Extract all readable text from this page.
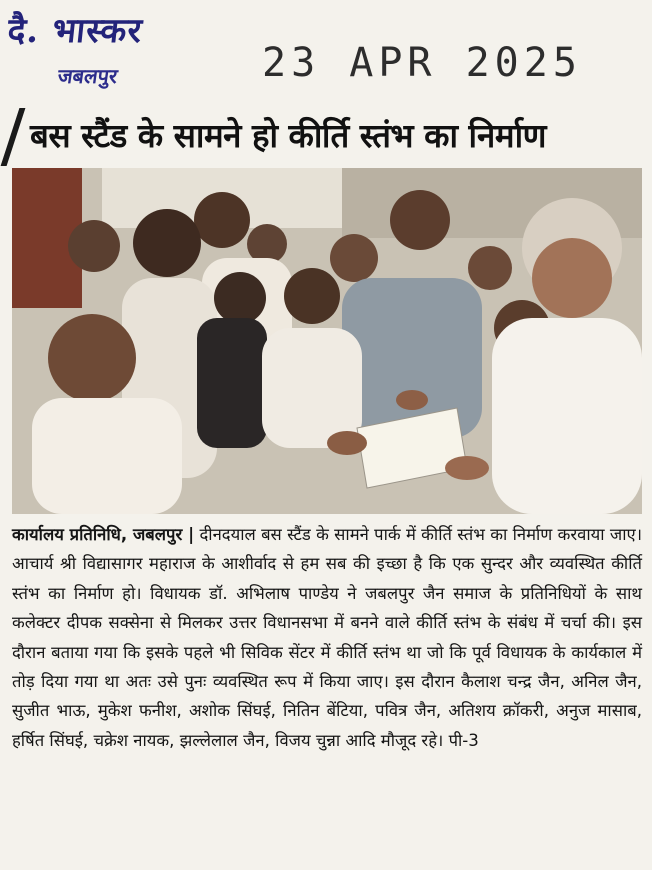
दै. भास्कर
जबलपुर	23 APR 2025
बस स्टैंड के सामने हो कीर्ति स्तंभ का निर्माण
कार्यालय प्रतिनिधि, जबलपुर | दीनदयाल बस स्टैंड के सामने पार्क में कीर्ति स्तंभ का निर्माण करवाया जाए। आचार्य श्री विद्यासागर महाराज के आशीर्वाद से हम सब की इच्छा है कि एक सुन्दर और व्यवस्थित कीर्ति स्तंभ का निर्माण हो। विधायक डॉ. अभिलाष पाण्डेय ने जबलपुर जैन समाज के प्रतिनिधियों के साथ कलेक्टर दीपक सक्सेना से मिलकर उत्तर विधानसभा में बनने वाले कीर्ति स्तंभ के संबंध में चर्चा की। इस दौरान बताया गया कि इसके पहले भी सिविक सेंटर में कीर्ति स्तंभ था जो कि पूर्व विधायक के कार्यकाल में तोड़ दिया गया था अतः उसे पुनः व्यवस्थित रूप में किया जाए। इस दौरान कैलाश चन्द्र जैन, अनिल जैन, सुजीत भाऊ, मुकेश फनीश, अशोक सिंघई, नितिन बेंटिया, पवित्र जैन, अतिशय क्रॉकरी, अनुज मासाब, हर्षित सिंघई, चक्रेश नायक, झल्लेलाल जैन, विजय चुन्ना आदि मौजूद रहे। पी-3
